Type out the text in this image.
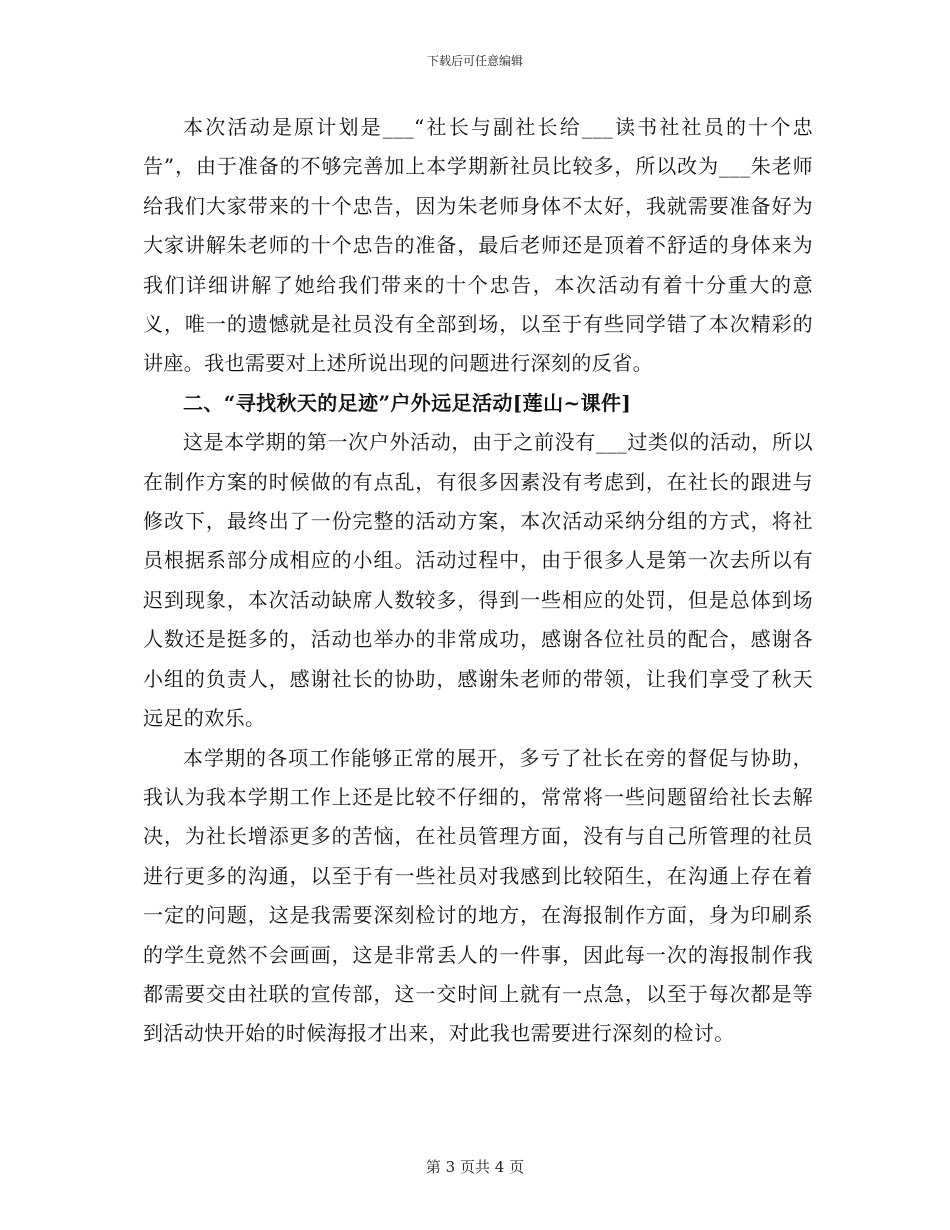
下载后可任意编辑

本次活动是原计划是___“社长与副社长给___读书社社员的十个忠告”，由于准备的不够完善加上本学期新社员比较多，所以改为___朱老师给我们大家带来的十个忠告，因为朱老师身体不太好，我就需要准备好为大家讲解朱老师的十个忠告的准备，最后老师还是顶着不舒适的身体来为我们详细讲解了她给我们带来的十个忠告，本次活动有着十分重大的意义，唯一的遗憾就是社员没有全部到场，以至于有些同学错了本次精彩的讲座。我也需要对上述所说出现的问题进行深刻的反省。

二、“寻找秋天的足迹”户外远足活动[莲山~课件]

这是本学期的第一次户外活动，由于之前没有___过类似的活动，所以在制作方案的时候做的有点乱，有很多因素没有考虑到，在社长的跟进与修改下，最终出了一份完整的活动方案，本次活动采纳分组的方式，将社员根据系部分成相应的小组。活动过程中，由于很多人是第一次去所以有迟到现象，本次活动缺席人数较多，得到一些相应的处罚，但是总体到场人数还是挺多的，活动也举办的非常成功，感谢各位社员的配合，感谢各小组的负责人，感谢社长的协助，感谢朱老师的带领，让我们享受了秋天远足的欢乐。

本学期的各项工作能够正常的展开，多亏了社长在旁的督促与协助，我认为我本学期工作上还是比较不仔细的，常常将一些问题留给社长去解决，为社长增添更多的苦恼，在社员管理方面，没有与自己所管理的社员进行更多的沟通，以至于有一些社员对我感到比较陌生，在沟通上存在着一定的问题，这是我需要深刻检讨的地方，在海报制作方面，身为印刷系的学生竟然不会画画，这是非常丢人的一件事，因此每一次的海报制作我都需要交由社联的宣传部，这一交时间上就有一点急，以至于每次都是等到活动快开始的时候海报才出来，对此我也需要进行深刻的检讨。

第 3 页共 4 页
